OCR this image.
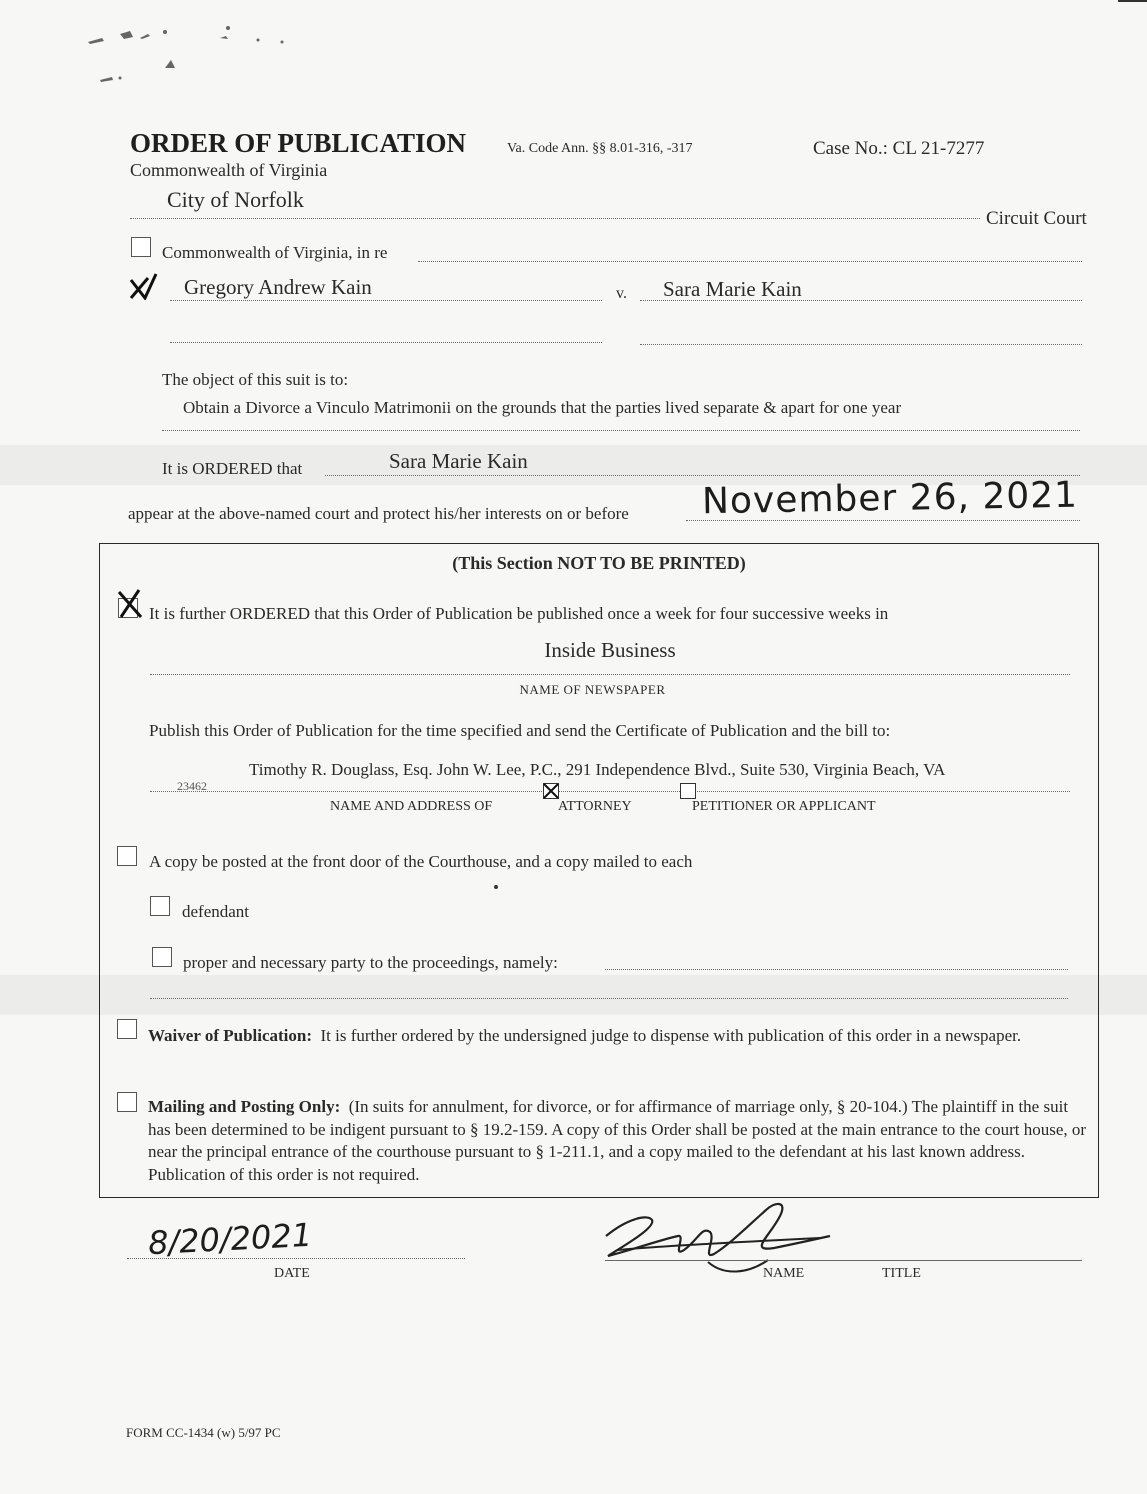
ORDER OF PUBLICATION	Va. Code Ann. §§ 8.01-316, -317	Case No.: CL 21-7277
Commonwealth of Virginia
City of Norfolk
Circuit Court
Commonwealth of Virginia, in re
Gregory Andrew Kain	v. Sara Marie Kain
The object of this suit is to:
Obtain a Divorce a Vinculo Matrimonii on the grounds that the parties lived separate & apart for one year
It is ORDERED that	Sara Marie Kain
appear at the above-named court and protect his/her interests on or before November 26, 2021
(This Section NOT TO BE PRINTED)
It is further ORDERED that this Order of Publication be published once a week for four successive weeks in
Inside Business
NAME OF NEWSPAPER
Publish this Order of Publication for the time specified and send the Certificate of Publication and the bill to:
Timothy R. Douglass, Esq. John W. Lee, P.C., 291 Independence Blvd., Suite 530, Virginia Beach, VA
23462
NAME AND ADDRESS OF	ATTORNEY	PETITIONER OR APPLICANT
A copy be posted at the front door of the Courthouse, and a copy mailed to each
defendant
proper and necessary party to the proceedings, namely:
Waiver of Publication: It is further ordered by the undersigned judge to dispense with publication of this order in a newspaper.
Mailing and Posting Only: (In suits for annulment, for divorce, or for affirmance of marriage only, § 20-104.) The plaintiff in the suit has been determined to be indigent pursuant to § 19.2-159. A copy of this Order shall be posted at the main entrance to the court house, or near the principal entrance of the courthouse pursuant to § 1-211.1, and a copy mailed to the defendant at his last known address. Publication of this order is not required.
8/20/2021
DATE	NAME	TITLE
FORM CC-1434 (w) 5/97 PC
